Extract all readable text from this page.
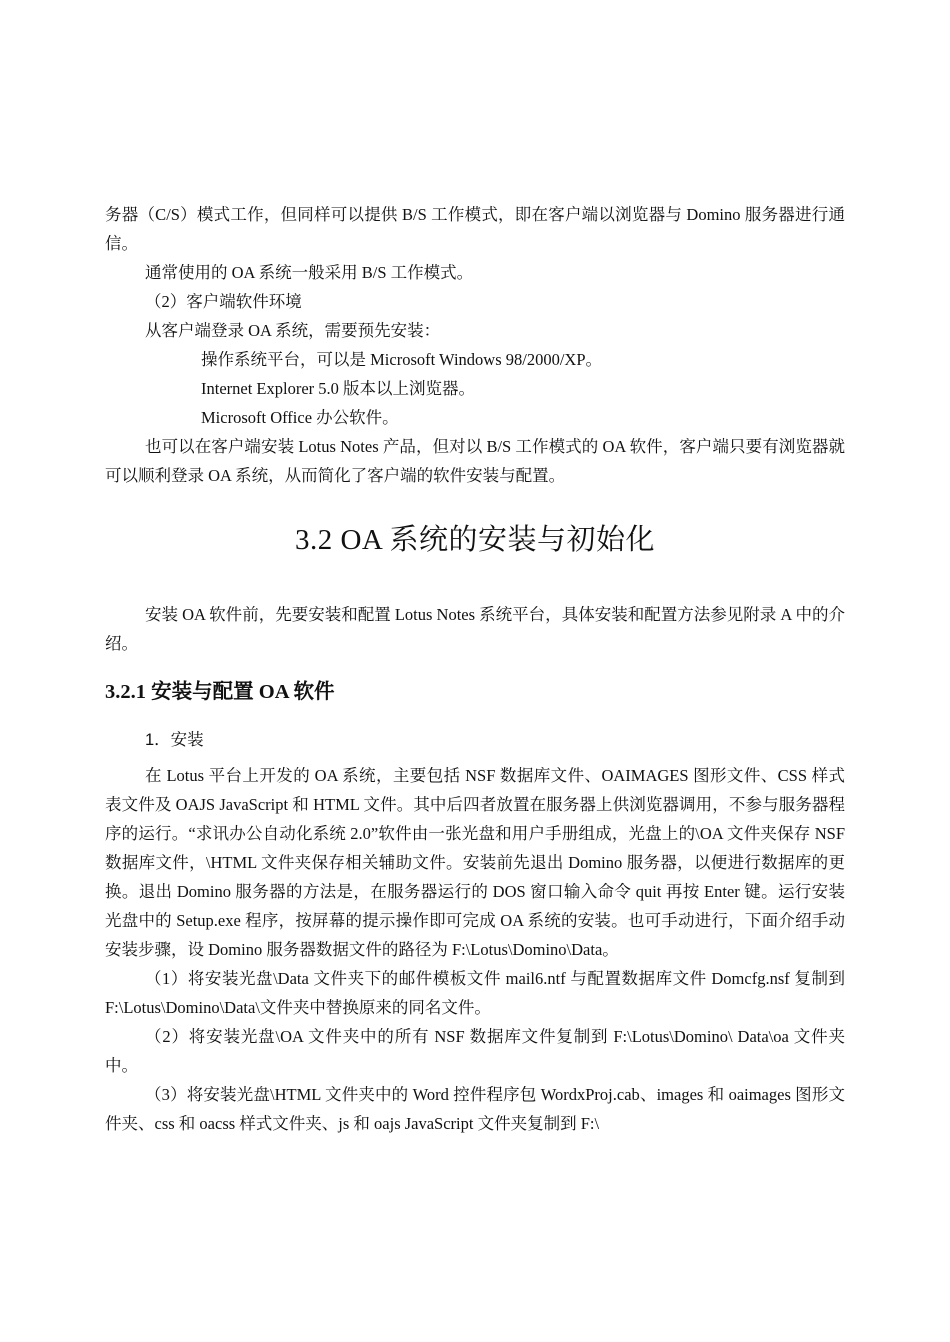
务器（C/S）模式工作，但同样可以提供 B/S 工作模式，即在客户端以浏览器与 Domino 服务器进行通信。

通常使用的 OA 系统一般采用 B/S 工作模式。

（2）客户端软件环境

从客户端登录 OA 系统，需要预先安装：

操作系统平台，可以是 Microsoft Windows 98/2000/XP。

Internet Explorer 5.0 版本以上浏览器。

Microsoft Office 办公软件。

也可以在客户端安装 Lotus Notes 产品，但对以 B/S 工作模式的 OA 软件，客户端只要有浏览器就可以顺利登录 OA 系统，从而简化了客户端的软件安装与配置。

3.2 OA 系统的安装与初始化

安装 OA 软件前，先要安装和配置 Lotus Notes 系统平台，具体安装和配置方法参见附录 A 中的介绍。

3.2.1 安装与配置 OA 软件

1．安装

在 Lotus 平台上开发的 OA 系统，主要包括 NSF 数据库文件、OAIMAGES 图形文件、CSS 样式表文件及 OAJS JavaScript 和 HTML 文件。其中后四者放置在服务器上供浏览器调用，不参与服务器程序的运行。“求讯办公自动化系统 2.0”软件由一张光盘和用户手册组成，光盘上的\OA 文件夹保存 NSF 数据库文件，\HTML 文件夹保存相关辅助文件。安装前先退出 Domino 服务器，以便进行数据库的更换。退出 Domino 服务器的方法是，在服务器运行的 DOS 窗口输入命令 quit 再按 Enter 键。运行安装光盘中的 Setup.exe 程序，按屏幕的提示操作即可完成 OA 系统的安装。也可手动进行，下面介绍手动安装步骤，设 Domino 服务器数据文件的路径为 F:\Lotus\Domino\Data。

（1）将安装光盘\Data 文件夹下的邮件模板文件 mail6.ntf 与配置数据库文件 Domcfg.nsf 复制到 F:\Lotus\Domino\Data\文件夹中替换原来的同名文件。

（2）将安装光盘\OA 文件夹中的所有 NSF 数据库文件复制到 F:\Lotus\Domino\ Data\oa 文件夹中。

（3）将安装光盘\HTML 文件夹中的 Word 控件程序包 WordxProj.cab、images 和 oaimages 图形文件夹、css 和 oacss 样式文件夹、js 和 oajs JavaScript 文件夹复制到 F:\
